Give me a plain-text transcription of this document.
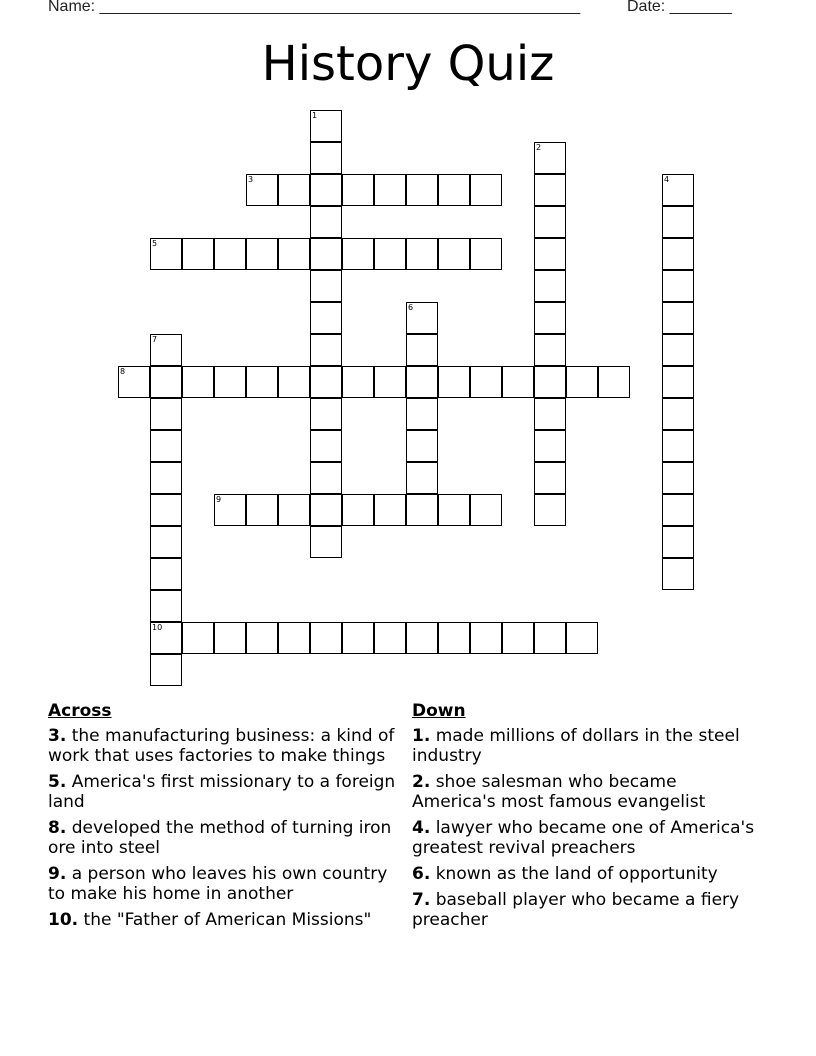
Name: ______________________________________________________	Date: _______
History Quiz
1
2
3	4
5
6
7
10
8
9
Across
3. the manufacturing business: a kind of work that uses factories to make things
5. America's first missionary to a foreign land
8. developed the method of turning iron ore into steel
9. a person who leaves his own country to make his home in another
10. the "Father of American Missions"
Down
1. made millions of dollars in the steel industry
2. shoe salesman who became America's most famous evangelist
4. lawyer who became one of America's greatest revival preachers
6. known as the land of opportunity
7. baseball player who became a fiery preacher
